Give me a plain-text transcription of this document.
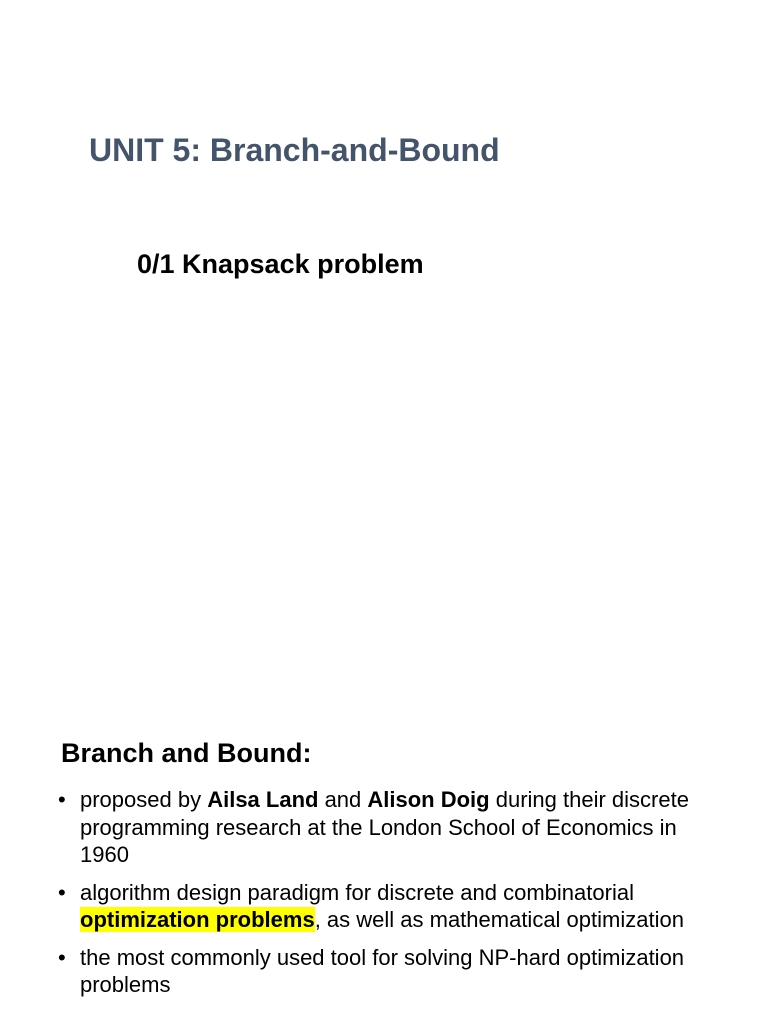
UNIT 5: Branch-and-Bound
0/1 Knapsack problem
Branch and Bound:
• proposed by Ailsa Land and Alison Doig during their discrete programming research at the London School of Economics in 1960
• algorithm design paradigm for discrete and combinatorial optimization problems, as well as mathematical optimization
• the most commonly used tool for solving NP-hard optimization problems
